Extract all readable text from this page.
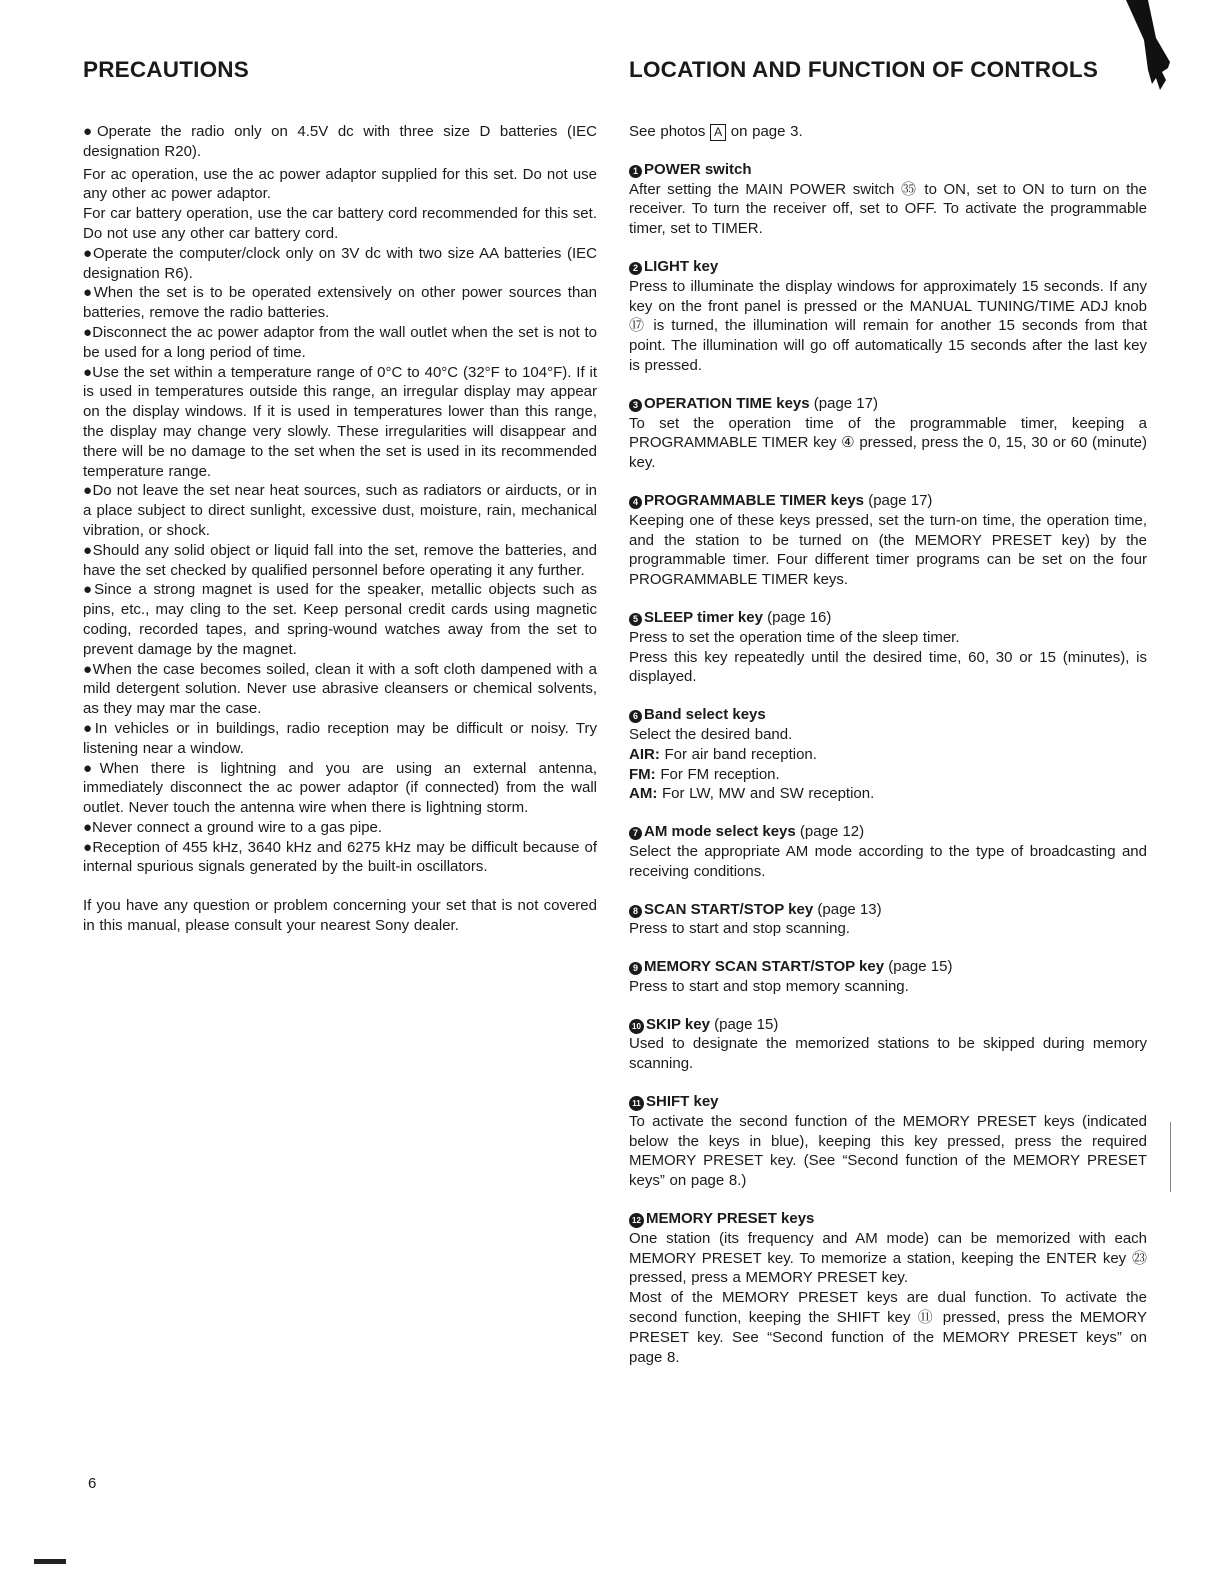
PRECAUTIONS

●Operate the radio only on 4.5V dc with three size D batteries (IEC designation R20).

For ac operation, use the ac power adaptor supplied for this set. Do not use any other ac power adaptor.

For car battery operation, use the car battery cord recommended for this set. Do not use any other car battery cord.

●Operate the computer/clock only on 3V dc with two size AA batteries (IEC designation R6).

●When the set is to be operated extensively on other power sources than batteries, remove the radio batteries.

●Disconnect the ac power adaptor from the wall outlet when the set is not to be used for a long period of time.

●Use the set within a temperature range of 0°C to 40°C (32°F to 104°F). If it is used in temperatures outside this range, an irregular display may appear on the display windows. If it is used in temperatures lower than this range, the display may change very slowly. These irregularities will disappear and there will be no damage to the set when the set is used in its recommended temperature range.

●Do not leave the set near heat sources, such as radiators or airducts, or in a place subject to direct sunlight, excessive dust, moisture, rain, mechanical vibration, or shock.

●Should any solid object or liquid fall into the set, remove the batteries, and have the set checked by qualified personnel before operating it any further.

●Since a strong magnet is used for the speaker, metallic objects such as pins, etc., may cling to the set. Keep personal credit cards using magnetic coding, recorded tapes, and spring-wound watches away from the set to prevent damage by the magnet.

●When the case becomes soiled, clean it with a soft cloth dampened with a mild detergent solution. Never use abrasive cleansers or chemical solvents, as they may mar the case.

●In vehicles or in buildings, radio reception may be difficult or noisy. Try listening near a window.

●When there is lightning and you are using an external antenna, immediately disconnect the ac power adaptor (if connected) from the wall outlet. Never touch the antenna wire when there is lightning storm.

●Never connect a ground wire to a gas pipe.

●Reception of 455 kHz, 3640 kHz and 6275 kHz may be difficult because of internal spurious signals generated by the built-in oscillators.

If you have any question or problem concerning your set that is not covered in this manual, please consult your nearest Sony dealer.

LOCATION AND FUNCTION OF CONTROLS

See photos A on page 3.

1 POWER switch

After setting the MAIN POWER switch ㉟ to ON, set to ON to turn on the receiver. To turn the receiver off, set to OFF. To activate the programmable timer, set to TIMER.

2 LIGHT key

Press to illuminate the display windows for approximately 15 seconds. If any key on the front panel is pressed or the MANUAL TUNING/TIME ADJ knob ⑰ is turned, the illumination will remain for another 15 seconds from that point. The illumination will go off automatically 15 seconds after the last key is pressed.

3 OPERATION TIME keys (page 17)

To set the operation time of the programmable timer, keeping a PROGRAMMABLE TIMER key ④ pressed, press the 0, 15, 30 or 60 (minute) key.

4 PROGRAMMABLE TIMER keys (page 17)

Keeping one of these keys pressed, set the turn-on time, the operation time, and the station to be turned on (the MEMORY PRESET key) by the programmable timer. Four different timer programs can be set on the four PROGRAMMABLE TIMER keys.

5 SLEEP timer key (page 16)

Press to set the operation time of the sleep timer.
Press this key repeatedly until the desired time, 60, 30 or 15 (minutes), is displayed.

6 Band select keys

Select the desired band.

AIR: For air band reception.

FM: For FM reception.

AM: For LW, MW and SW reception.

7 AM mode select keys (page 12)

Select the appropriate AM mode according to the type of broadcasting and receiving conditions.

8 SCAN START/STOP key (page 13)

Press to start and stop scanning.

9 MEMORY SCAN START/STOP key (page 15)

Press to start and stop memory scanning.

10 SKIP key (page 15)

Used to designate the memorized stations to be skipped during memory scanning.

11 SHIFT key

To activate the second function of the MEMORY PRESET keys (indicated below the keys in blue), keeping this key pressed, press the required MEMORY PRESET key. (See “Second function of the MEMORY PRESET keys” on page 8.)

12 MEMORY PRESET keys

One station (its frequency and AM mode) can be memorized with each MEMORY PRESET key. To memorize a station, keeping the ENTER key ㉓ pressed, press a MEMORY PRESET key.
Most of the MEMORY PRESET keys are dual function. To activate the second function, keeping the SHIFT key ⑪ pressed, press the MEMORY PRESET key. See “Second function of the MEMORY PRESET keys” on page 8.

6
